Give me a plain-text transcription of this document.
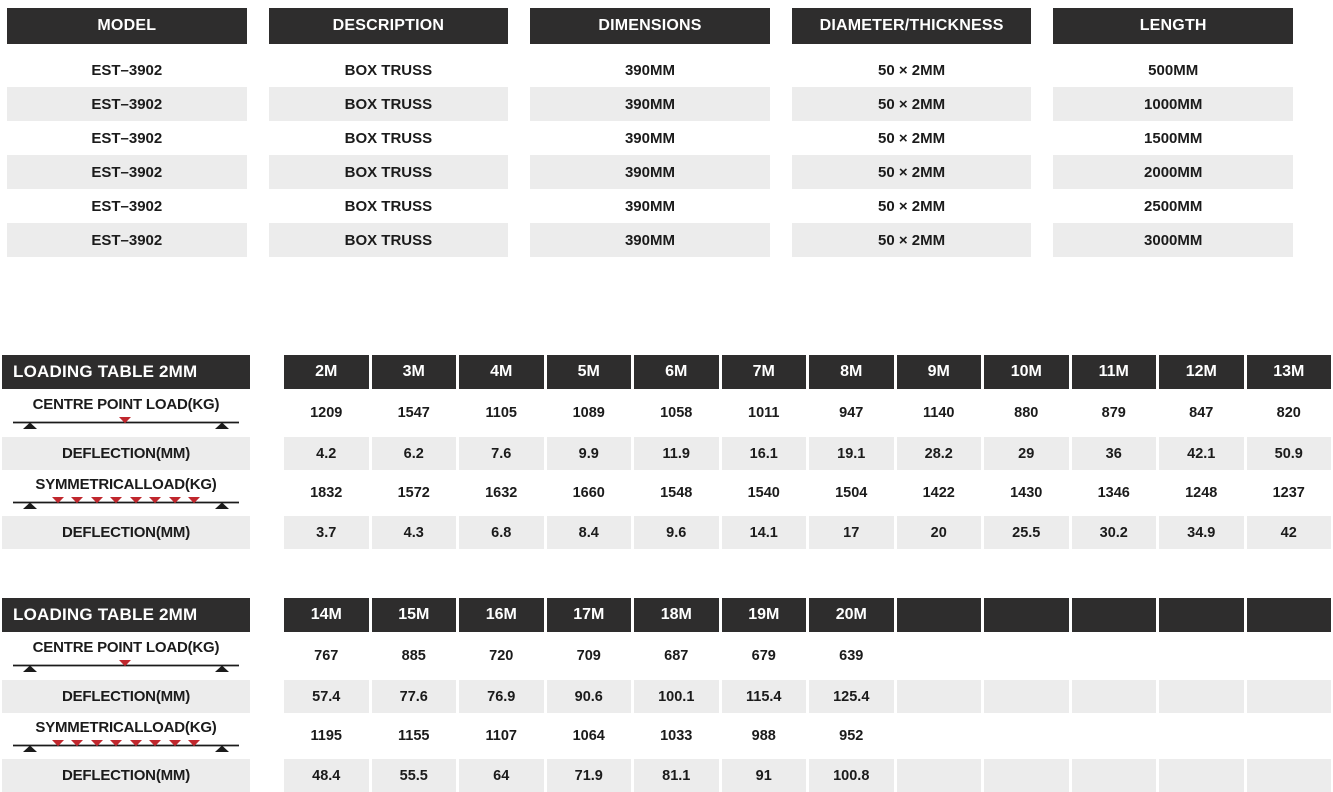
MODEL	DESCRIPTION	DIMENSIONS	DIAMETER/THICKNESS	LENGTH
EST–3902	BOX TRUSS	390MM	50 × 2MM	500MM
EST–3902	BOX TRUSS	390MM	50 × 2MM	1000MM
EST–3902	BOX TRUSS	390MM	50 × 2MM	1500MM
EST–3902	BOX TRUSS	390MM	50 × 2MM	2000MM
EST–3902	BOX TRUSS	390MM	50 × 2MM	2500MM
EST–3902	BOX TRUSS	390MM	50 × 2MM	3000MM
LOADING TABLE 2MM	2M	3M	4M	5M	6M	7M	8M	9M	10M	11M	12M	13M
CENTRE POINT LOAD(KG)	1209	1547	1105	1089	1058	1011	947	1140	880	879	847	820
DEFLECTION(MM)	4.2	6.2	7.6	9.9	11.9	16.1	19.1	28.2	29	36	42.1	50.9
SYMMETRICALLOAD(KG)	1832	1572	1632	1660	1548	1540	1504	1422	1430	1346	1248	1237
DEFLECTION(MM)	3.7	4.3	6.8	8.4	9.6	14.1	17	20	25.5	30.2	34.9	42
LOADING TABLE 2MM	14M	15M	16M	17M	18M	19M	20M
CENTRE POINT LOAD(KG)	767	885	720	709	687	679	639
DEFLECTION(MM)	57.4	77.6	76.9	90.6	100.1	115.4	125.4
SYMMETRICALLOAD(KG)	1195	1155	1107	1064	1033	988	952
DEFLECTION(MM)	48.4	55.5	64	71.9	81.1	91	100.8
